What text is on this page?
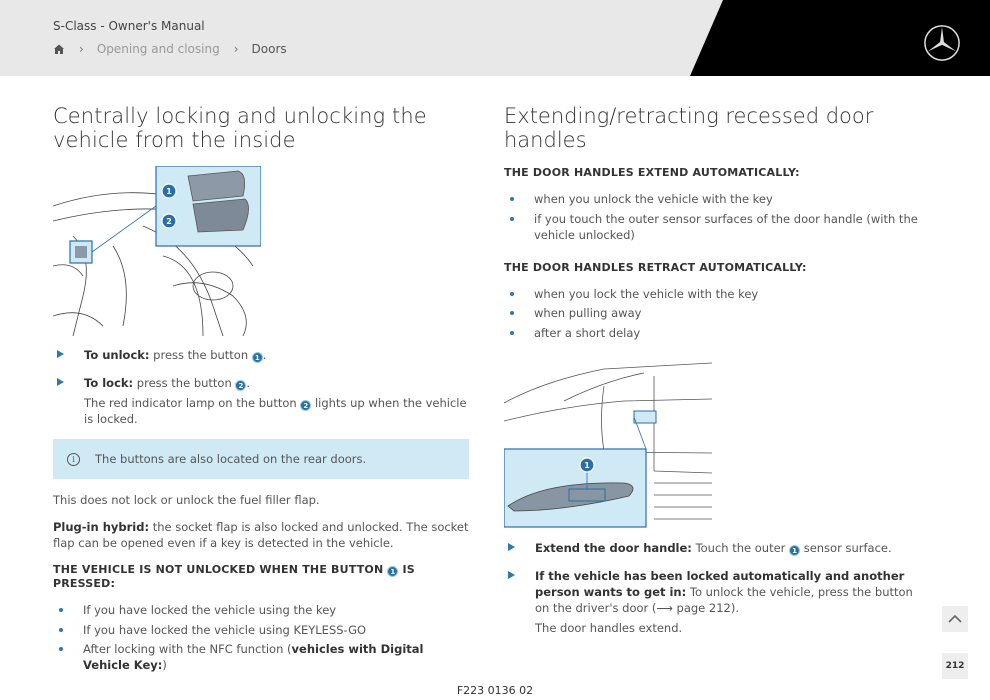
S-Class - Owner's Manual
› Opening and closing › Doors
Centrally locking and unlocking the vehicle from the inside
1
2
To unlock: press the button 1 .
To lock: press the button 2 .
The red indicator lamp on the button 2 lights up when the vehicle is locked.
i	The buttons are also located on the rear doors.

This does not lock or unlock the fuel filler flap.

Plug-in hybrid: the socket flap is also locked and unlocked. The socket flap can be opened even if a key is detected in the vehicle.

THE VEHICLE IS NOT UNLOCKED WHEN THE BUTTON 1 IS PRESSED:

If you have locked the vehicle using the key
If you have locked the vehicle using KEYLESS-GO
After locking with the NFC function (vehicles with Digital Vehicle Key:)
Extending/retracting recessed door handles

THE DOOR HANDLES EXTEND AUTOMATICALLY:

when you unlock the vehicle with the key
if you touch the outer sensor surfaces of the door handle (with the vehicle unlocked)

THE DOOR HANDLES RETRACT AUTOMATICALLY:

when you lock the vehicle with the key
when pulling away
after a short delay
1
Extend the door handle: Touch the outer 1 sensor surface.
If the vehicle has been locked automatically and another person wants to get in: To unlock the vehicle, press the button on the driver's door (⟶ page 212).
The door handles extend.
F223 0136 02
212
